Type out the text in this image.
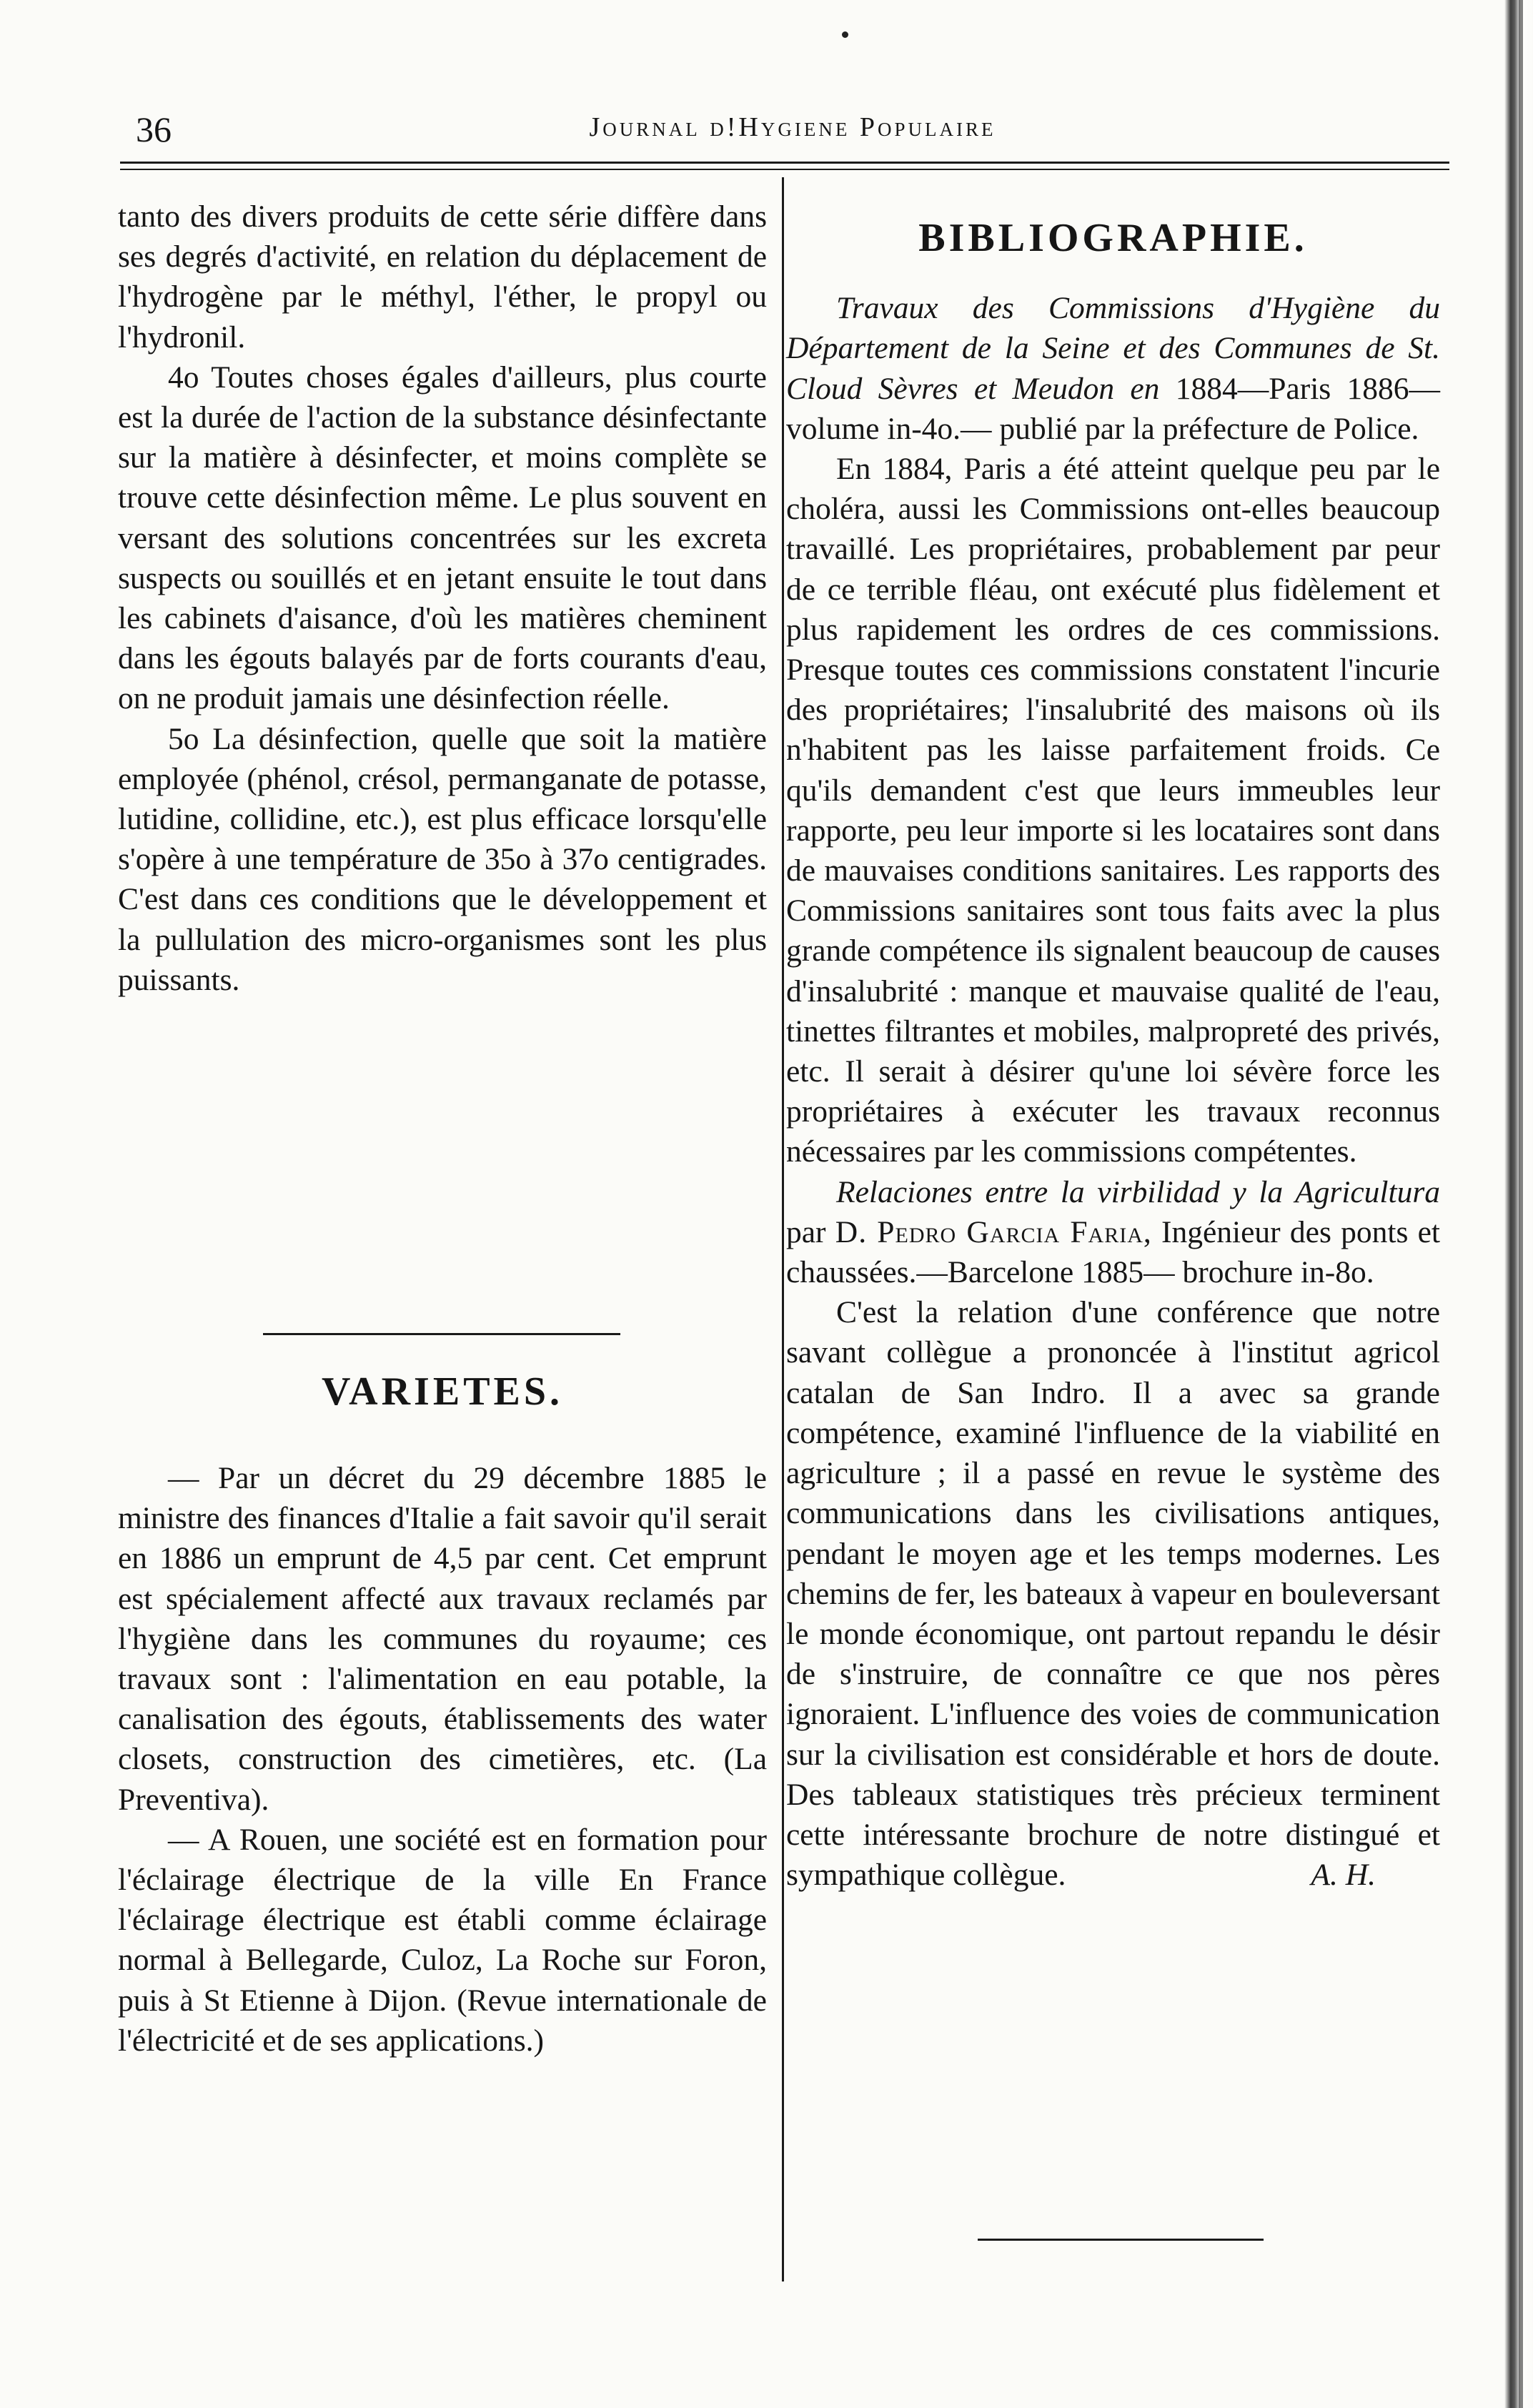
36	Journal d!Hygiene Populaire

tanto des divers produits de cette série diffère dans ses degrés d'activité, en relation du déplacement de l'hydrogène par le méthyl, l'éther, le propyl ou l'hydronil.

4o Toutes choses égales d'ailleurs, plus courte est la durée de l'action de la substance désinfectante sur la matière à désinfecter, et moins complète se trouve cette désinfection même. Le plus souvent en versant des solutions concentrées sur les excreta suspects ou souillés et en jetant ensuite le tout dans les cabinets d'aisance, d'où les matières cheminent dans les égouts balayés par de forts courants d'eau, on ne produit jamais une désinfection réelle.

5o La désinfection, quelle que soit la matière employée (phénol, crésol, permanganate de potasse, lutidine, collidine, etc.), est plus efficace lorsqu'elle s'opère à une température de 35o à 37o centigrades. C'est dans ces conditions que le développement et la pullulation des micro-organismes sont les plus puissants.

VARIETES.

— Par un décret du 29 décembre 1885 le ministre des finances d'Italie a fait savoir qu'il serait en 1886 un emprunt de 4,5 par cent. Cet emprunt est spécialement affecté aux travaux reclamés par l'hygiène dans les communes du royaume; ces travaux sont : l'alimentation en eau potable, la canalisation des égouts, établissements des water closets, construction des cimetières, etc. (La Preventiva).

— A Rouen, une société est en formation pour l'éclairage électrique de la ville En France l'éclairage électrique est établi comme éclairage normal à Bellegarde, Culoz, La Roche sur Foron, puis à St Etienne à Dijon. (Revue internationale de l'électricité et de ses applications.)

BIBLIOGRAPHIE.

Travaux des Commissions d'Hygiène du Département de la Seine et des Communes de St. Cloud Sèvres et Meudon en 1884—Paris 1886—volume in-4o.— publié par la préfecture de Police.

En 1884, Paris a été atteint quelque peu par le choléra, aussi les Commissions ont-elles beaucoup travaillé. Les propriétaires, probablement par peur de ce terrible fléau, ont exécuté plus fidèlement et plus rapidement les ordres de ces commissions. Presque toutes ces commissions constatent l'incurie des propriétaires; l'insalubrité des maisons où ils n'habitent pas les laisse parfaitement froids. Ce qu'ils demandent c'est que leurs immeubles leur rapporte, peu leur importe si les locataires sont dans de mauvaises conditions sanitaires. Les rapports des Commissions sanitaires sont tous faits avec la plus grande compétence ils signalent beaucoup de causes d'insalubrité : manque et mauvaise qualité de l'eau, tinettes filtrantes et mobiles, malpropreté des privés, etc. Il serait à désirer qu'une loi sévère force les propriétaires à exécuter les travaux reconnus nécessaires par les commissions compétentes.

Relaciones entre la virbilidad y la Agricultura par D. Pedro Garcia Faria, Ingénieur des ponts et chaussées.—Barcelone 1885— brochure in-8o.

C'est la relation d'une conférence que notre savant collègue a prononcée à l'institut agricol catalan de San Indro. Il a avec sa grande compétence, examiné l'influence de la viabilité en agriculture ; il a passé en revue le système des communications dans les civilisations antiques, pendant le moyen age et les temps modernes. Les chemins de fer, les bateaux à vapeur en bouleversant le monde économique, ont partout repandu le désir de s'instruire, de connaître ce que nos pères ignoraient. L'influence des voies de communication sur la civilisation est considérable et hors de doute. Des tableaux statistiques très précieux terminent cette intéressante brochure de notre distingué et sympathique collègue.	A. H.
